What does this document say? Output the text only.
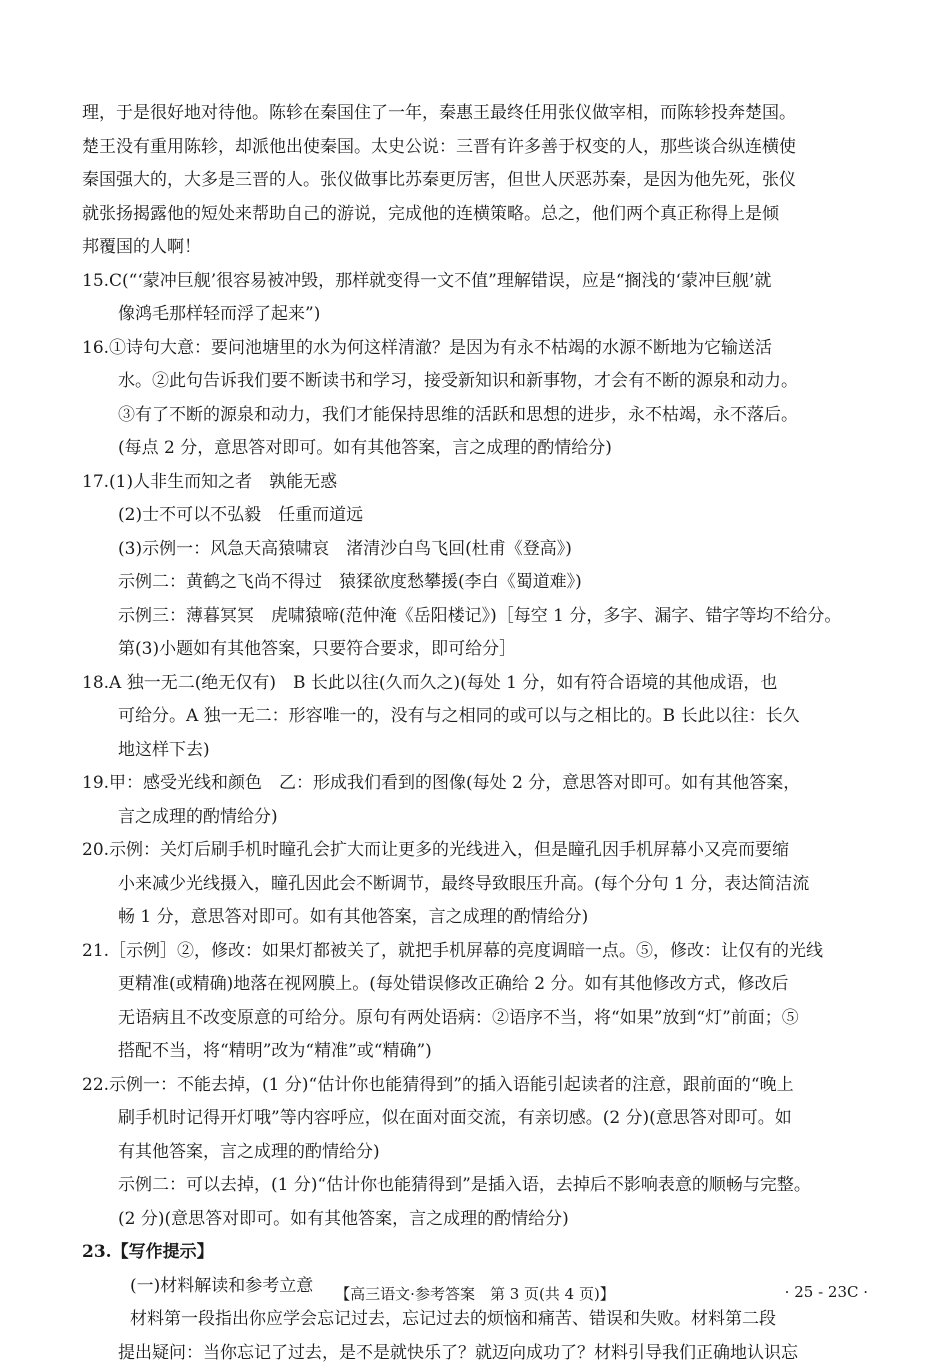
理，于是很好地对待他。陈轸在秦国住了一年，秦惠王最终任用张仪做宰相，而陈轸投奔楚国。
楚王没有重用陈轸，却派他出使秦国。太史公说：三晋有许多善于权变的人，那些谈合纵连横使
秦国强大的，大多是三晋的人。张仪做事比苏秦更厉害，但世人厌恶苏秦，是因为他先死，张仪
就张扬揭露他的短处来帮助自己的游说，完成他的连横策略。总之，他们两个真正称得上是倾
邦覆国的人啊！
15.C(“‘蒙冲巨舰’很容易被冲毁，那样就变得一文不值”理解错误，应是“搁浅的‘蒙冲巨舰’就
像鸿毛那样轻而浮了起来”)
16.①诗句大意：要问池塘里的水为何这样清澈？是因为有永不枯竭的水源不断地为它输送活
水。②此句告诉我们要不断读书和学习，接受新知识和新事物，才会有不断的源泉和动力。
③有了不断的源泉和动力，我们才能保持思维的活跃和思想的进步，永不枯竭，永不落后。
(每点 2 分，意思答对即可。如有其他答案，言之成理的酌情给分)
17.(1)人非生而知之者　孰能无惑
(2)士不可以不弘毅　任重而道远
(3)示例一：风急天高猿啸哀　渚清沙白鸟飞回(杜甫《登高》)
示例二：黄鹤之飞尚不得过　猿猱欲度愁攀援(李白《蜀道难》)
示例三：薄暮冥冥　虎啸猿啼(范仲淹《岳阳楼记》)［每空 1 分，多字、漏字、错字等均不给分。
第(3)小题如有其他答案，只要符合要求，即可给分］
18.A 独一无二(绝无仅有)　B 长此以往(久而久之)(每处 1 分，如有符合语境的其他成语，也
可给分。A 独一无二：形容唯一的，没有与之相同的或可以与之相比的。B 长此以往：长久
地这样下去)
19.甲：感受光线和颜色　乙：形成我们看到的图像(每处 2 分，意思答对即可。如有其他答案，
言之成理的酌情给分)
20.示例：关灯后刷手机时瞳孔会扩大而让更多的光线进入，但是瞳孔因手机屏幕小又亮而要缩
小来减少光线摄入，瞳孔因此会不断调节，最终导致眼压升高。(每个分句 1 分，表达简洁流
畅 1 分，意思答对即可。如有其他答案，言之成理的酌情给分)
21.［示例］②，修改：如果灯都被关了，就把手机屏幕的亮度调暗一点。⑤，修改：让仅有的光线
更精准(或精确)地落在视网膜上。(每处错误修改正确给 2 分。如有其他修改方式，修改后
无语病且不改变原意的可给分。原句有两处语病：②语序不当，将“如果”放到“灯”前面；⑤
搭配不当，将“精明”改为“精准”或“精确”)
22.示例一：不能去掉，(1 分)“估计你也能猜得到”的插入语能引起读者的注意，跟前面的“晚上
刷手机时记得开灯哦”等内容呼应，似在面对面交流，有亲切感。(2 分)(意思答对即可。如
有其他答案，言之成理的酌情给分)
示例二：可以去掉，(1 分)“估计你也能猜得到”是插入语，去掉后不影响表意的顺畅与完整。
(2 分)(意思答对即可。如有其他答案，言之成理的酌情给分)
23.【写作提示】
(一)材料解读和参考立意
材料第一段指出你应学会忘记过去，忘记过去的烦恼和痛苦、错误和失败。材料第二段
提出疑问：当你忘记了过去，是不是就快乐了？就迈向成功了？材料引导我们正确地认识忘
【高三语文·参考答案　第 3 页(共 4 页)】	· 25 - 23C ·
